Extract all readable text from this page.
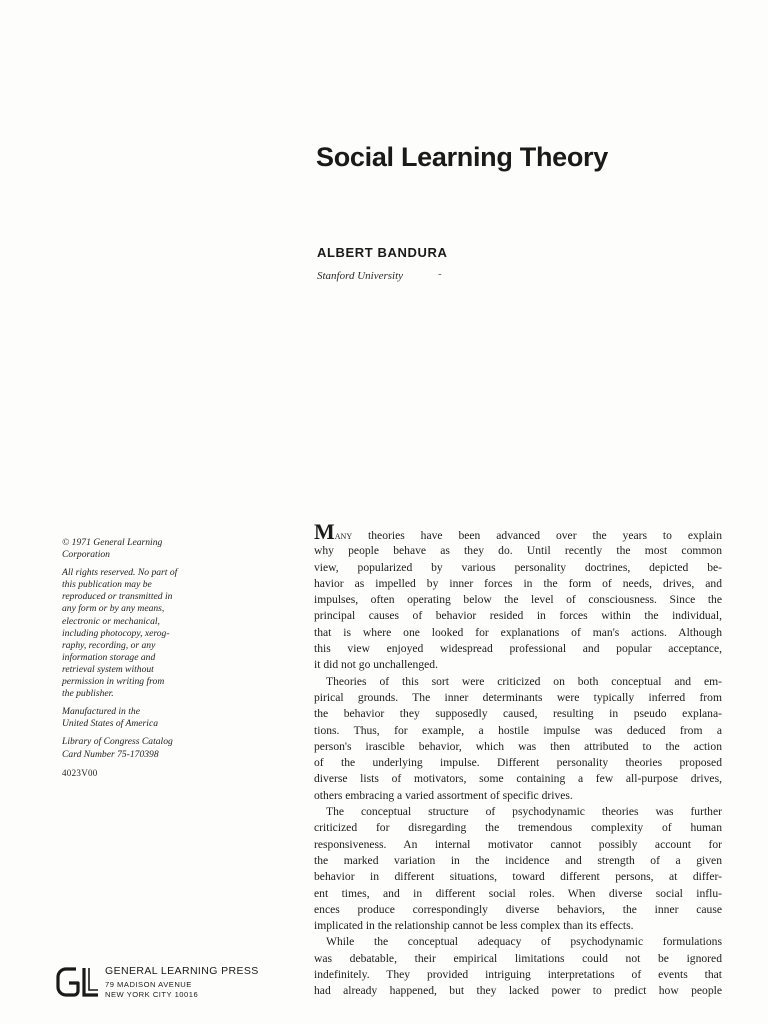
Social Learning Theory
ALBERT BANDURA
Stanford University	-
© 1971 General Learning
Corporation
All rights reserved. No part of
this publication may be
reproduced or transmitted in
any form or by any means,
electronic or mechanical,
including photocopy, xerog-
raphy, recording, or any
information storage and
retrieval system without
permission in writing from
the publisher.
Manufactured in the
United States of America
Library of Congress Catalog
Card Number 75-170398
4023V00
GENERAL LEARNING PRESS
79 MADISON AVENUE
NEW YORK CITY 10016
Many theories have been advanced over the years to explain
why people behave as they do. Until recently the most common
view, popularized by various personality doctrines, depicted be-
havior as impelled by inner forces in the form of needs, drives, and
impulses, often operating below the level of consciousness. Since the
principal causes of behavior resided in forces within the individual,
that is where one looked for explanations of man's actions. Although
this view enjoyed widespread professional and popular acceptance,
it did not go unchallenged.
Theories of this sort were criticized on both conceptual and em-
pirical grounds. The inner determinants were typically inferred from
the behavior they supposedly caused, resulting in pseudo explana-
tions. Thus, for example, a hostile impulse was deduced from a
person's irascible behavior, which was then attributed to the action
of the underlying impulse. Different personality theories proposed
diverse lists of motivators, some containing a few all-purpose drives,
others embracing a varied assortment of specific drives.
The conceptual structure of psychodynamic theories was further
criticized for disregarding the tremendous complexity of human
responsiveness. An internal motivator cannot possibly account for
the marked variation in the incidence and strength of a given
behavior in different situations, toward different persons, at differ-
ent times, and in different social roles. When diverse social influ-
ences produce correspondingly diverse behaviors, the inner cause
implicated in the relationship cannot be less complex than its effects.
While the conceptual adequacy of psychodynamic formulations
was debatable, their empirical limitations could not be ignored
indefinitely. They provided intriguing interpretations of events that
had already happened, but they lacked power to predict how people
